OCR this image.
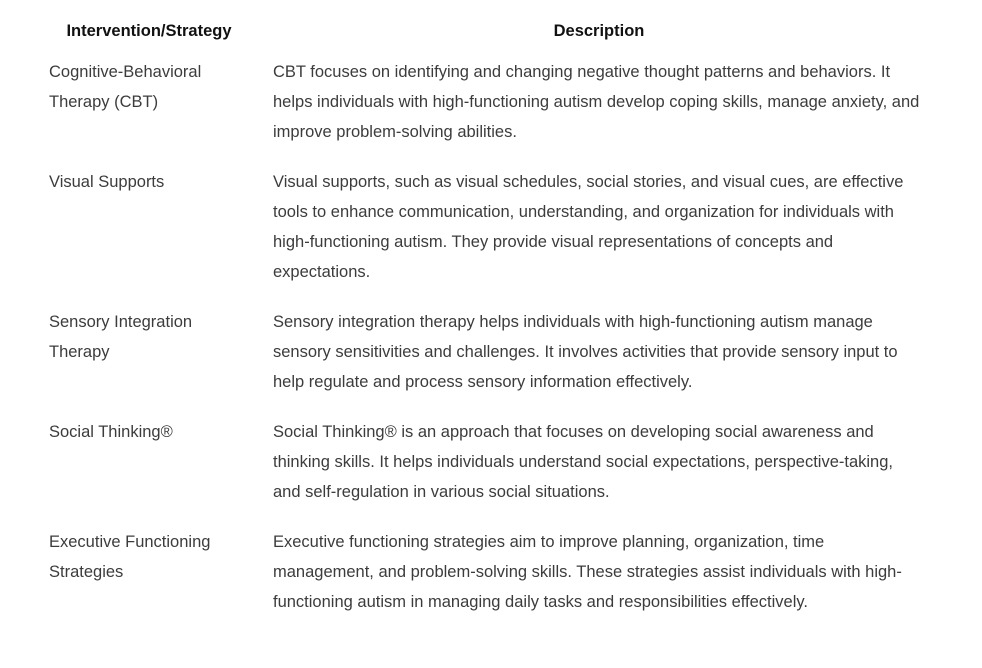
Intervention/Strategy	Description
Cognitive-Behavioral Therapy (CBT)	CBT focuses on identifying and changing negative thought patterns and behaviors. It helps individuals with high-functioning autism develop coping skills, manage anxiety, and improve problem-solving abilities.
Visual Supports	Visual supports, such as visual schedules, social stories, and visual cues, are effective tools to enhance communication, understanding, and organization for individuals with high-functioning autism. They provide visual representations of concepts and expectations.
Sensory Integration Therapy	Sensory integration therapy helps individuals with high-functioning autism manage sensory sensitivities and challenges. It involves activities that provide sensory input to help regulate and process sensory information effectively.
Social Thinking®	Social Thinking® is an approach that focuses on developing social awareness and thinking skills. It helps individuals understand social expectations, perspective-taking, and self-regulation in various social situations.
Executive Functioning Strategies	Executive functioning strategies aim to improve planning, organization, time management, and problem-solving skills. These strategies assist individuals with high-functioning autism in managing daily tasks and responsibilities effectively.
